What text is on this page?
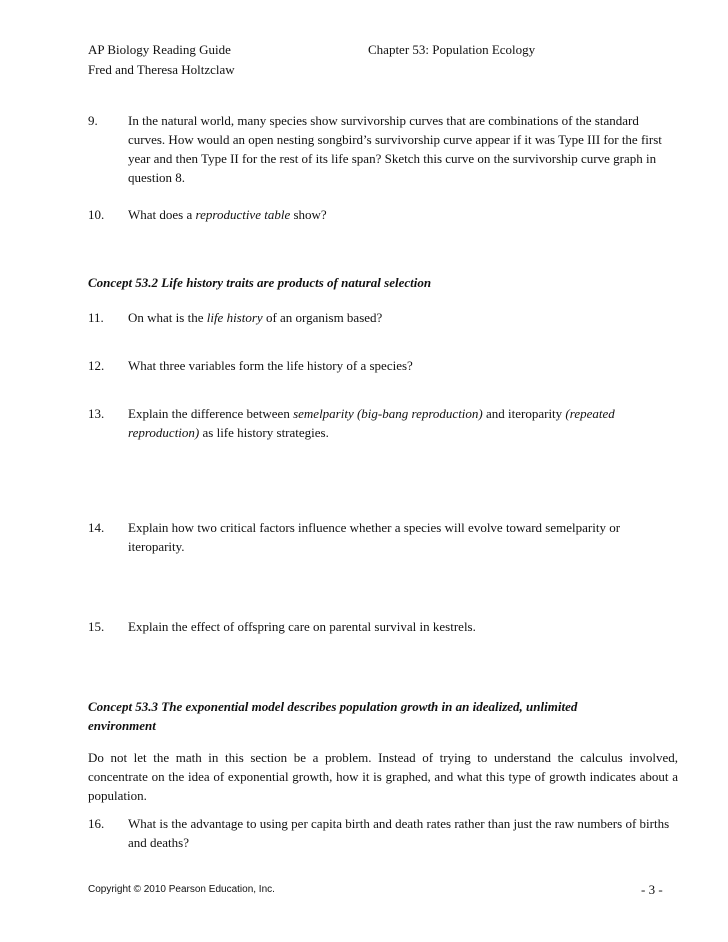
AP Biology Reading Guide
Fred and Theresa Holtzclaw
Chapter 53: Population Ecology
9. In the natural world, many species show survivorship curves that are combinations of the standard curves. How would an open nesting songbird’s survivorship curve appear if it was Type III for the first year and then Type II for the rest of its life span? Sketch this curve on the survivorship curve graph in question 8.
10. What does a reproductive table show?
Concept 53.2 Life history traits are products of natural selection
11. On what is the life history of an organism based?
12. What three variables form the life history of a species?
13. Explain the difference between semelparity (big-bang reproduction) and iteroparity (repeated reproduction) as life history strategies.
14. Explain how two critical factors influence whether a species will evolve toward semelparity or iteroparity.
15. Explain the effect of offspring care on parental survival in kestrels.
Concept 53.3 The exponential model describes population growth in an idealized, unlimited environment
Do not let the math in this section be a problem. Instead of trying to understand the calculus involved, concentrate on the idea of exponential growth, how it is graphed, and what this type of growth indicates about a population.
16. What is the advantage to using per capita birth and death rates rather than just the raw numbers of births and deaths?
Copyright © 2010 Pearson Education, Inc.	- 3 -
